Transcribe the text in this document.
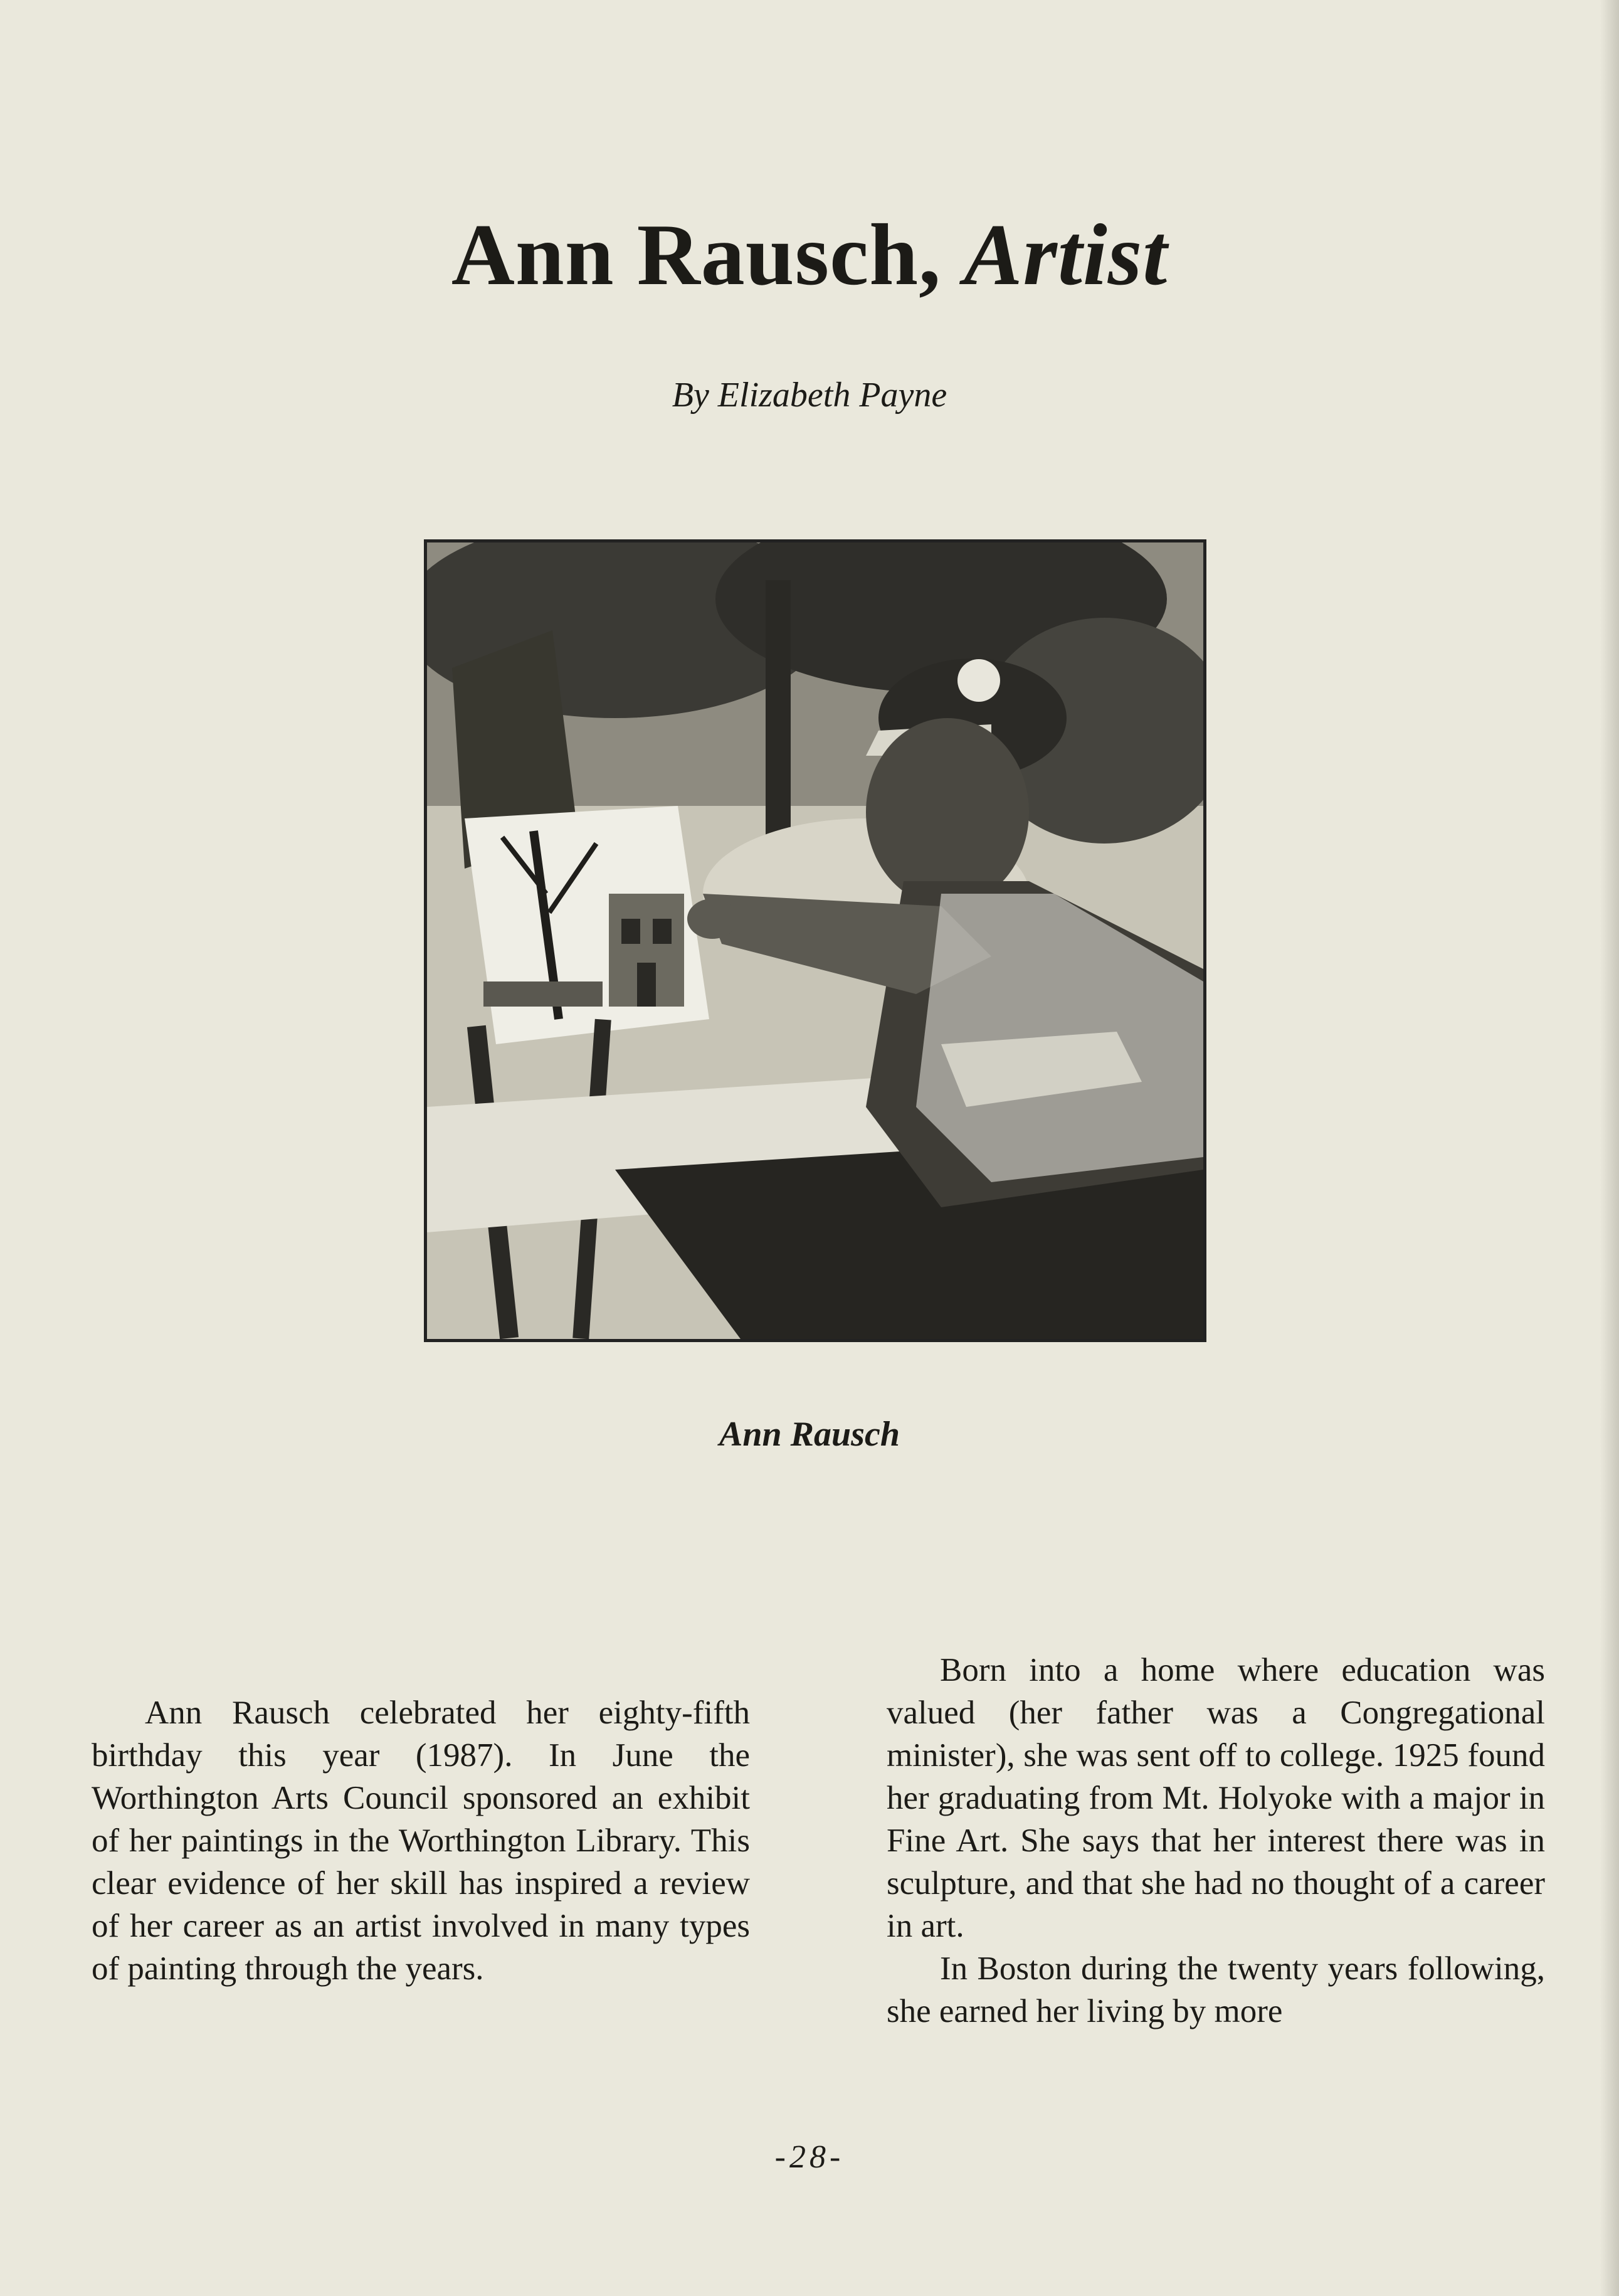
Ann Rausch, Artist

By Elizabeth Payne

Ann Rausch

Ann Rausch celebrated her eighty-fifth birthday this year (1987). In June the Worthington Arts Council sponsored an exhibit of her paintings in the Worthington Library. This clear evidence of her skill has inspired a review of her career as an artist involved in many types of painting through the years.

Born into a home where education was valued (her father was a Congregational minister), she was sent off to college. 1925 found her graduating from Mt. Holyoke with a major in Fine Art. She says that her interest there was in sculpture, and that she had no thought of a career in art.

In Boston during the twenty years following, she earned her living by more

-28-
